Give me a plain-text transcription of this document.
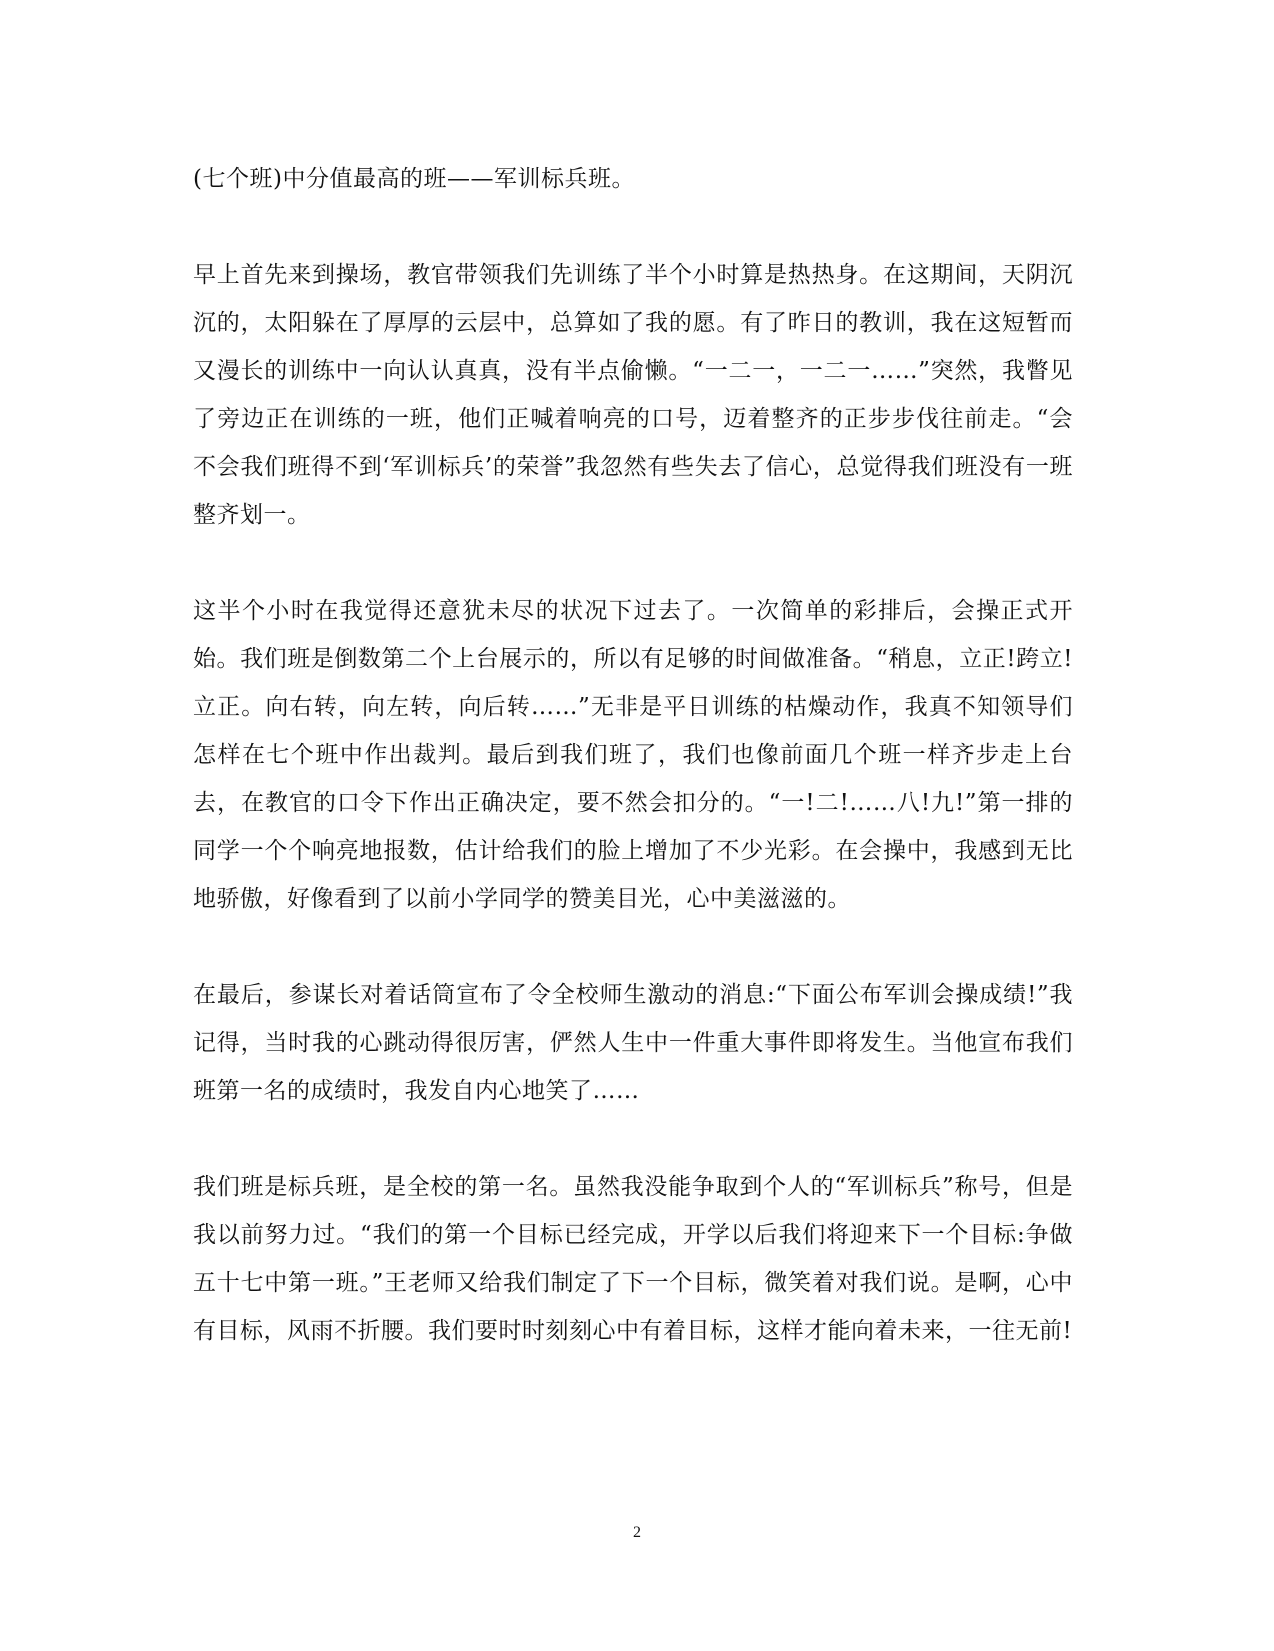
(七个班)中分值最高的班——军训标兵班。

早上首先来到操场，教官带领我们先训练了半个小时算是热热身。在这期间，天阴沉沉的，太阳躲在了厚厚的云层中，总算如了我的愿。有了昨日的教训，我在这短暂而又漫长的训练中一向认认真真，没有半点偷懒。“一二一，一二一……”突然，我瞥见了旁边正在训练的一班，他们正喊着响亮的口号，迈着整齐的正步步伐往前走。“会不会我们班得不到‘军训标兵’的荣誉”我忽然有些失去了信心，总觉得我们班没有一班整齐划一。

这半个小时在我觉得还意犹未尽的状况下过去了。一次简单的彩排后，会操正式开始。我们班是倒数第二个上台展示的，所以有足够的时间做准备。“稍息，立正!跨立!立正。向右转，向左转，向后转……”无非是平日训练的枯燥动作，我真不知领导们怎样在七个班中作出裁判。最后到我们班了，我们也像前面几个班一样齐步走上台去，在教官的口令下作出正确决定，要不然会扣分的。“一!二!……八!九!”第一排的同学一个个响亮地报数，估计给我们的脸上增加了不少光彩。在会操中，我感到无比地骄傲，好像看到了以前小学同学的赞美目光，心中美滋滋的。

在最后，参谋长对着话筒宣布了令全校师生激动的消息:“下面公布军训会操成绩!”我记得，当时我的心跳动得很厉害，俨然人生中一件重大事件即将发生。当他宣布我们班第一名的成绩时，我发自内心地笑了……

我们班是标兵班，是全校的第一名。虽然我没能争取到个人的“军训标兵”称号，但是我以前努力过。“我们的第一个目标已经完成，开学以后我们将迎来下一个目标:争做五十七中第一班。”王老师又给我们制定了下一个目标，微笑着对我们说。是啊，心中有目标，风雨不折腰。我们要时时刻刻心中有着目标，这样才能向着未来，一往无前!

2
